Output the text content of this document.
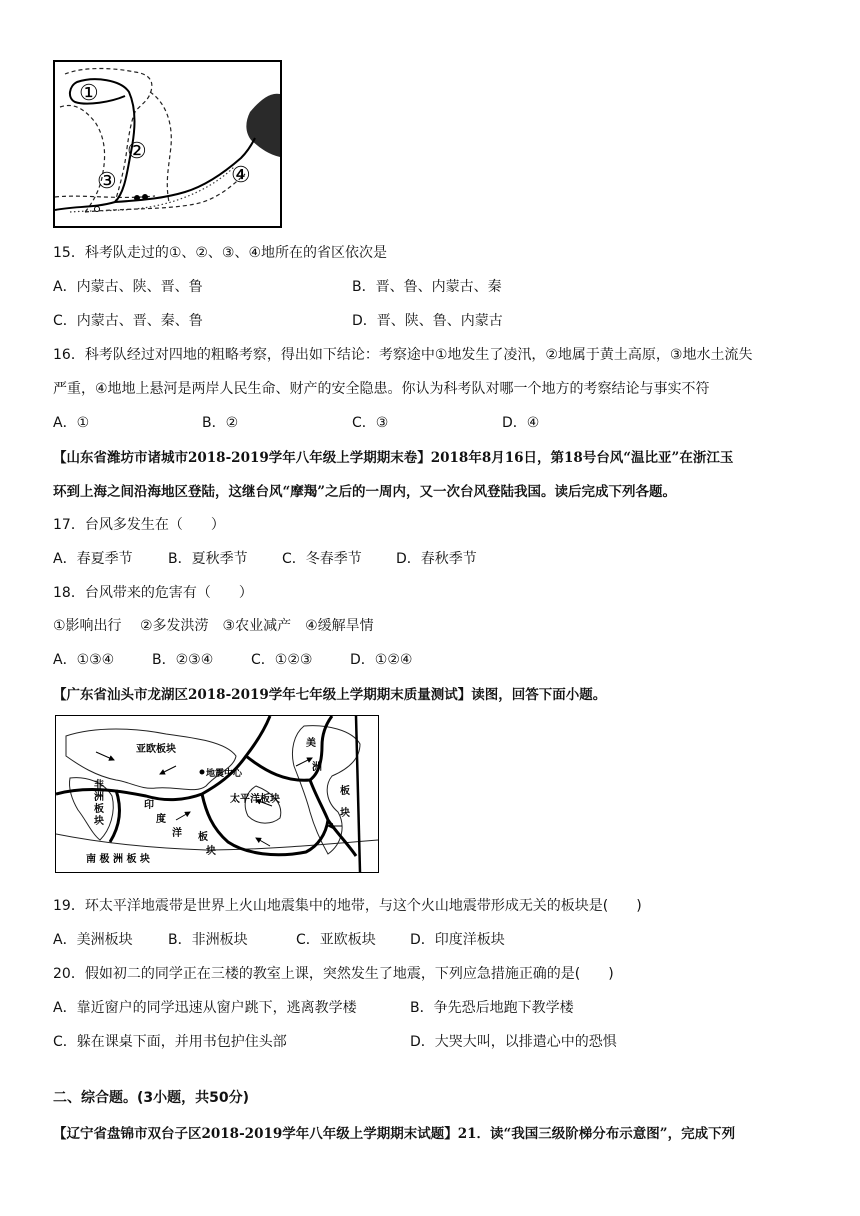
①
②
③	④
15．科考队走过的①、②、③、④地所在的省区依次是
A．内蒙古、陕、晋、鲁	B．晋、鲁、内蒙古、秦
C．内蒙古、晋、秦、鲁	D．晋、陕、鲁、内蒙古
16．科考队经过对四地的粗略考察，得出如下结论：考察途中①地发生了凌汛，②地属于黄土高原，③地水土流失
严重，④地地上悬河是两岸人民生命、财产的安全隐患。你认为科考队对哪一个地方的考察结论与事实不符
A．①	B．②	C．③	D．④
【山东省潍坊市诸城市2018-2019学年八年级上学期期末卷】2018年8月16日，第18号台风“温比亚”在浙江玉
环到上海之间沿海地区登陆，这继台风“摩羯”之后的一周内，又一次台风登陆我国。读后完成下列各题。
17．台风多发生在（　　）
A．春夏季节	B．夏秋季节 C．冬春季节 D．春秋季节
18．台风带来的危害有（　　）
①影响出行　 ②多发洪涝　③农业减产　④缓解旱情
A．①③④	B．②③④	C．①②③	D．①②④
【广东省汕头市龙湖区2018-2019学年七年级上学期期末质量测试】读图，回答下面小题。
亚欧板块
地震中心
太平洋板块
非
洲
板
块
印
度
洋 板
块
美
洲
板
块
南 极 洲 板 块
19．环太平洋地震带是世界上火山地震集中的地带，与这个火山地震带形成无关的板块是(　　)
A．美洲板块	B．非洲板块	C．亚欧板块 D．印度洋板块
20．假如初二的同学正在三楼的教室上课，突然发生了地震，下列应急措施正确的是(　　)
A．靠近窗户的同学迅速从窗户跳下，逃离教学楼	B．争先恐后地跑下教学楼
C．躲在课桌下面，并用书包护住头部	D．大哭大叫，以排遣心中的恐惧
二、综合题。(3小题，共50分)
【辽宁省盘锦市双台子区2018-2019学年八年级上学期期末试题】21．读“我国三级阶梯分布示意图”，完成下列
